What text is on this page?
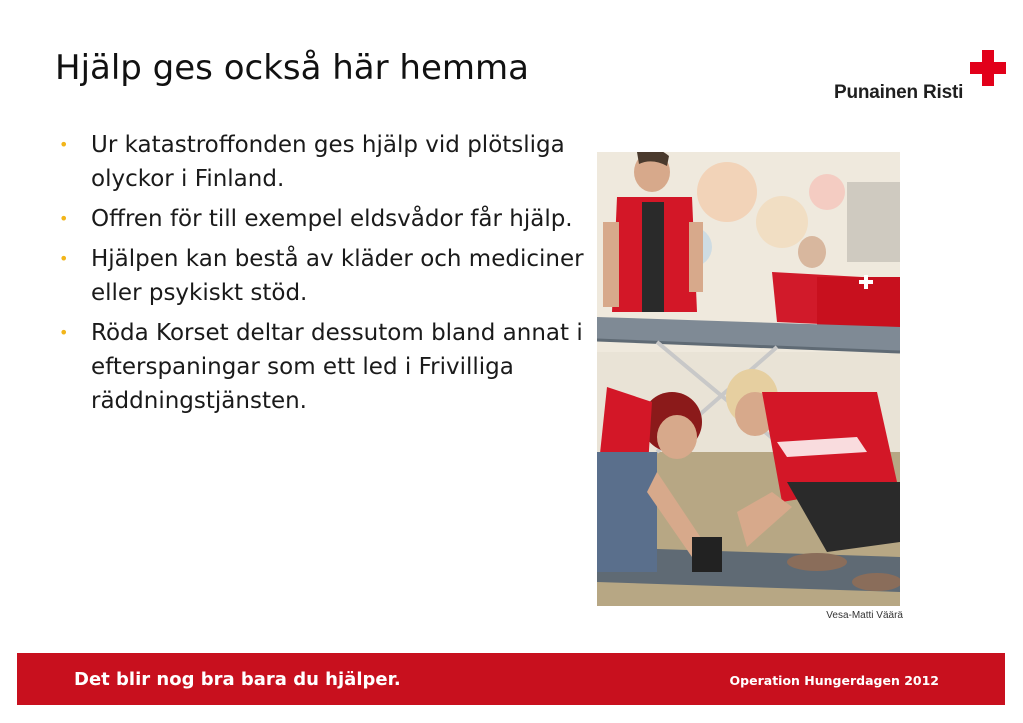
Hjälp ges också här hemma
Punainen Risti
• Ur katastroffonden ges hjälp vid plötsliga olyckor i Finland.
• Offren för till exempel eldsvådor får hjälp.
• Hjälpen kan bestå av kläder och mediciner eller psykiskt stöd.
• Röda Korset deltar dessutom bland annat i efterspaningar som ett led i Frivilliga räddningstjänsten.
Vesa-Matti Väärä
Det blir nog bra bara du hjälper.	Operation Hungerdagen 2012
